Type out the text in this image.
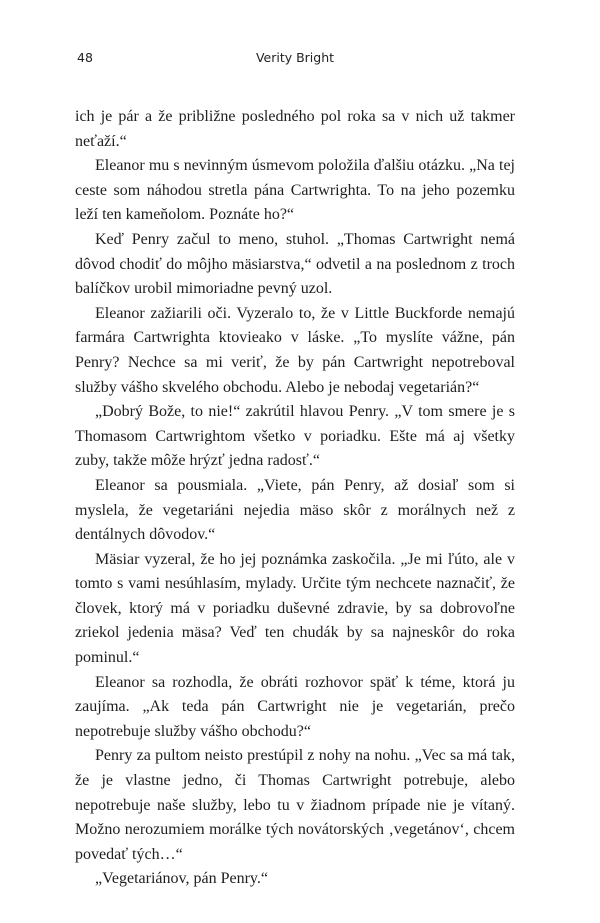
48	Verity Bright

ich je pár a že približne posledného pol roka sa v nich už takmer neťaží.“

Eleanor mu s nevinným úsmevom položila ďalšiu otázku. „Na tej ceste som náhodou stretla pána Cartwrighta. To na jeho pozemku leží ten kameňolom. Poznáte ho?“

Keď Penry začul to meno, stuhol. „Thomas Cartwright nemá dôvod chodiť do môjho mäsiarstva,“ odvetil a na poslednom z troch balíčkov urobil mimoriadne pevný uzol.

Eleanor zažiarili oči. Vyzeralo to, že v Little Buckforde nemajú farmára Cartwrighta ktovieako v láske. „To myslíte vážne, pán Penry? Nechce sa mi veriť, že by pán Cartwright nepotreboval služby vášho skvelého obchodu. Alebo je nebodaj vegetarián?“

„Dobrý Bože, to nie!“ zakrútil hlavou Penry. „V tom smere je s Thomasom Cartwrightom všetko v poriadku. Ešte má aj všetky zuby, takže môže hrýzť jedna radosť.“

Eleanor sa pousmiala. „Viete, pán Penry, až dosiaľ som si myslela, že vegetariáni nejedia mäso skôr z morálnych než z dentálnych dôvodov.“

Mäsiar vyzeral, že ho jej poznámka zaskočila. „Je mi ľúto, ale v tomto s vami nesúhlasím, mylady. Určite tým nechcete naznačiť, že človek, ktorý má v poriadku duševné zdravie, by sa dobrovoľne zriekol jedenia mäsa? Veď ten chudák by sa najneskôr do roka pominul.“

Eleanor sa rozhodla, že obráti rozhovor späť k téme, ktorá ju zaujíma. „Ak teda pán Cartwright nie je vegetarián, prečo nepotrebuje služby vášho obchodu?“

Penry za pultom neisto prestúpil z nohy na nohu. „Vec sa má tak, že je vlastne jedno, či Thomas Cartwright potrebuje, alebo nepotrebuje naše služby, lebo tu v žiadnom prípade nie je vítaný. Možno nerozumiem morálke tých novátorských ‚vegetánov‘, chcem povedať tých…“

„Vegetariánov, pán Penry.“
